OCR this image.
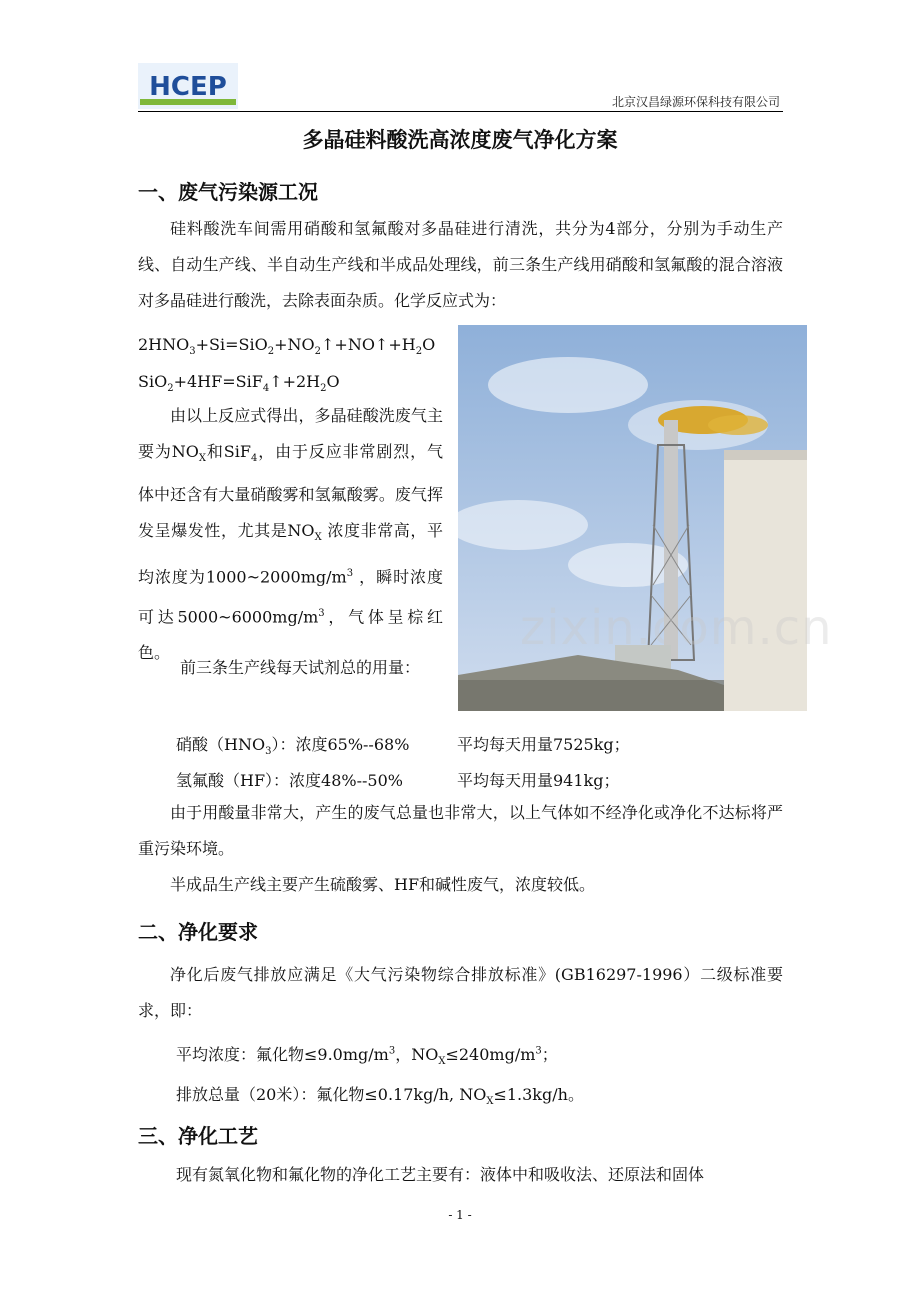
HCEP	北京汉昌绿源环保科技有限公司
多晶硅料酸洗高浓度废气净化方案
一、废气污染源工况

硅料酸洗车间需用硝酸和氢氟酸对多晶硅进行清洗，共分为4部分，分别为手动生产线、自动生产线、半自动生产线和半成品处理线，前三条生产线用硝酸和氢氟酸的混合溶液对多晶硅进行酸洗，去除表面杂质。化学反应式为：

$2HNO_3+Si=SiO_2+NO_2↑+NO↑+H_2O$

$SiO_2+4HF=SiF_4↑+2H_2O$

由以上反应式得出，多晶硅酸洗废气主要为$NO_X$和SiF$_4$，由于反应非常剧烈，气体中还含有大量硝酸雾和氢氟酸雾。废气挥发呈爆发性，尤其是$NO_X$ 浓度非常高，平均浓度为$1000\sim 2000mg/m^3$ ，瞬时浓度可达$5000\sim 6000mg/m^3$，气体呈棕红色。

前三条生产线每天试剂总的用量：

zixin.com.cn

硝酸$(HNO_3)$：浓度65%--68%	平均每天用量7525kg；

氢氟酸（HF）：浓度48%--50%	平均每天用量941kg；

由于用酸量非常大，产生的废气总量也非常大，以上气体如不经净化或净化不达标将严重污染环境。

半成品生产线主要产生硫酸雾、HF和碱性废气，浓度较低。

二、净化要求

净化后废气排放应满足《大气污染物综合排放标准》(GB16297-1996）二级标准要求，即：

平均浓度：氟化物$\le 9.0mg/m^3$，$NO_X\le 240mg/m^3$；

排放总量（20米）：氟化物≤0.17kg/h, $NO_X\le 1.3kg/h$。

三、净化工艺

现有氮氧化物和氟化物的净化工艺主要有：液体中和吸收法、还原法和固体

- 1 -
